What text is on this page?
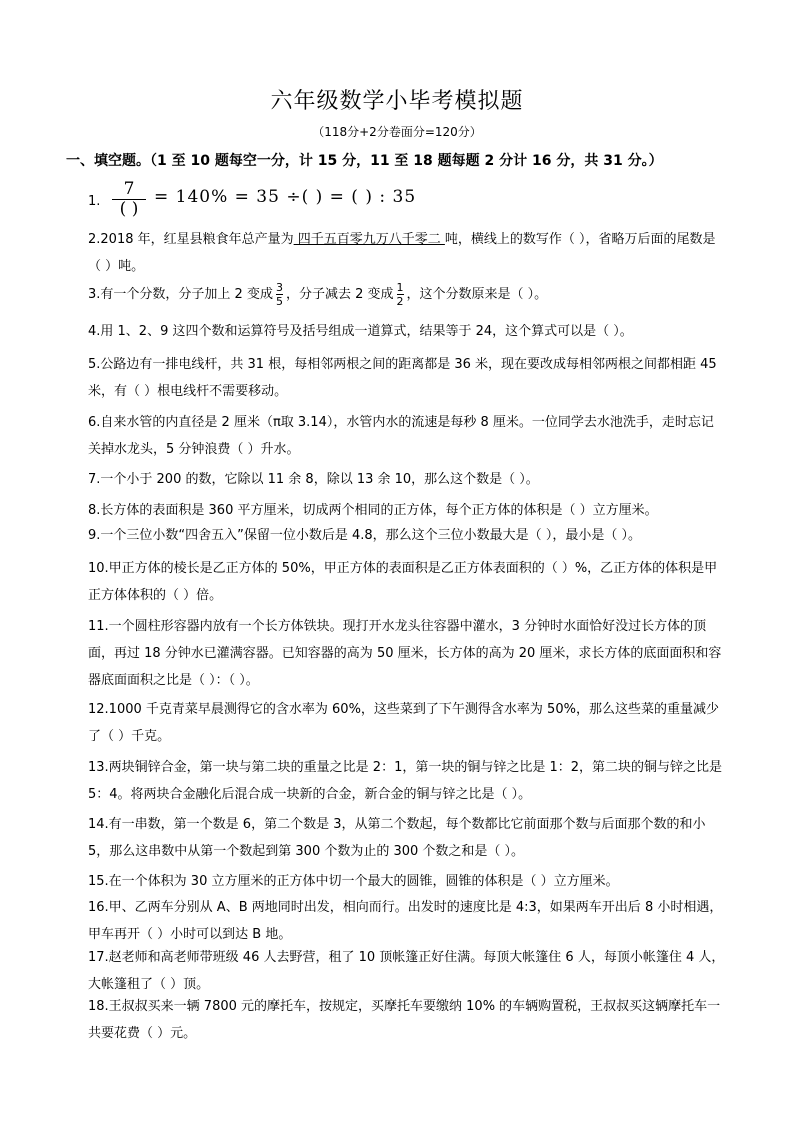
六年级数学小毕考模拟题
（118分+2分卷面分=120分）
一、填空题。（1 至 10 题每空一分，计 15 分，11 至 18 题每题 2 分计 16 分，共 31 分。）
1.
7
( )
= 140% = 35 ÷( ) = ( ) : 35
2.2018 年，红星县粮食年总产量为 四千五百零九万八千零二 吨，横线上的数写作（ ），省略万后面的尾数是（ ）吨。
3.有一个分数，分子加上 2 变成 $\frac{3}{5}$ ，分子减去 2 变成 $\frac{1}{2}$ ，这个分数原来是（ ）。
4.用 1、2、9 这四个数和运算符号及括号组成一道算式，结果等于 24，这个算式可以是（ ）。
5.公路边有一排电线杆，共 31 根，每相邻两根之间的距离都是 36 米，现在要改成每相邻两根之间都相距 45 米，有（ ）根电线杆不需要移动。
6.自来水管的内直径是 2 厘米（π取 3.14），水管内水的流速是每秒 8 厘米。一位同学去水池洗手，走时忘记关掉水龙头，5 分钟浪费（ ）升水。
7.一个小于 200 的数，它除以 11 余 8，除以 13 余 10，那么这个数是（ ）。
8.长方体的表面积是 360 平方厘米，切成两个相同的正方体，每个正方体的体积是（ ）立方厘米。
9.一个三位小数“四舍五入”保留一位小数后是 4.8，那么这个三位小数最大是（ ），最小是（ ）。
10.甲正方体的棱长是乙正方体的 50%，甲正方体的表面积是乙正方体表面积的（ ）%，乙正方体的体积是甲正方体体积的（ ）倍。
11.一个圆柱形容器内放有一个长方体铁块。现打开水龙头往容器中灌水，3 分钟时水面恰好没过长方体的顶面，再过 18 分钟水已灌满容器。已知容器的高为 50 厘米，长方体的高为 20 厘米，求长方体的底面面积和容器底面面积之比是（ ）：（ ）。
12.1000 千克青菜早晨测得它的含水率为 60%，这些菜到了下午测得含水率为 50%，那么这些菜的重量减少了（ ）千克。
13.两块铜锌合金，第一块与第二块的重量之比是 2：1，第一块的铜与锌之比是 1：2，第二块的铜与锌之比是 5：4。将两块合金融化后混合成一块新的合金，新合金的铜与锌之比是（ ）。
14.有一串数，第一个数是 6，第二个数是 3，从第二个数起，每个数都比它前面那个数与后面那个数的和小 5，那么这串数中从第一个数起到第 300 个数为止的 300 个数之和是（ ）。
15.在一个体积为 30 立方厘米的正方体中切一个最大的圆锥，圆锥的体积是（ ）立方厘米。
16.甲、乙两车分别从 A、B 两地同时出发，相向而行。出发时的速度比是 4:3，如果两车开出后 8 小时相遇，甲车再开（ ）小时可以到达 B 地。
17.赵老师和高老师带班级 46 人去野营，租了 10 顶帐篷正好住满。每顶大帐篷住 6 人，每顶小帐篷住 4 人，大帐篷租了（ ）顶。
18.王叔叔买来一辆 7800 元的摩托车，按规定，买摩托车要缴纳 10% 的车辆购置税，王叔叔买这辆摩托车一共要花费（ ）元。
